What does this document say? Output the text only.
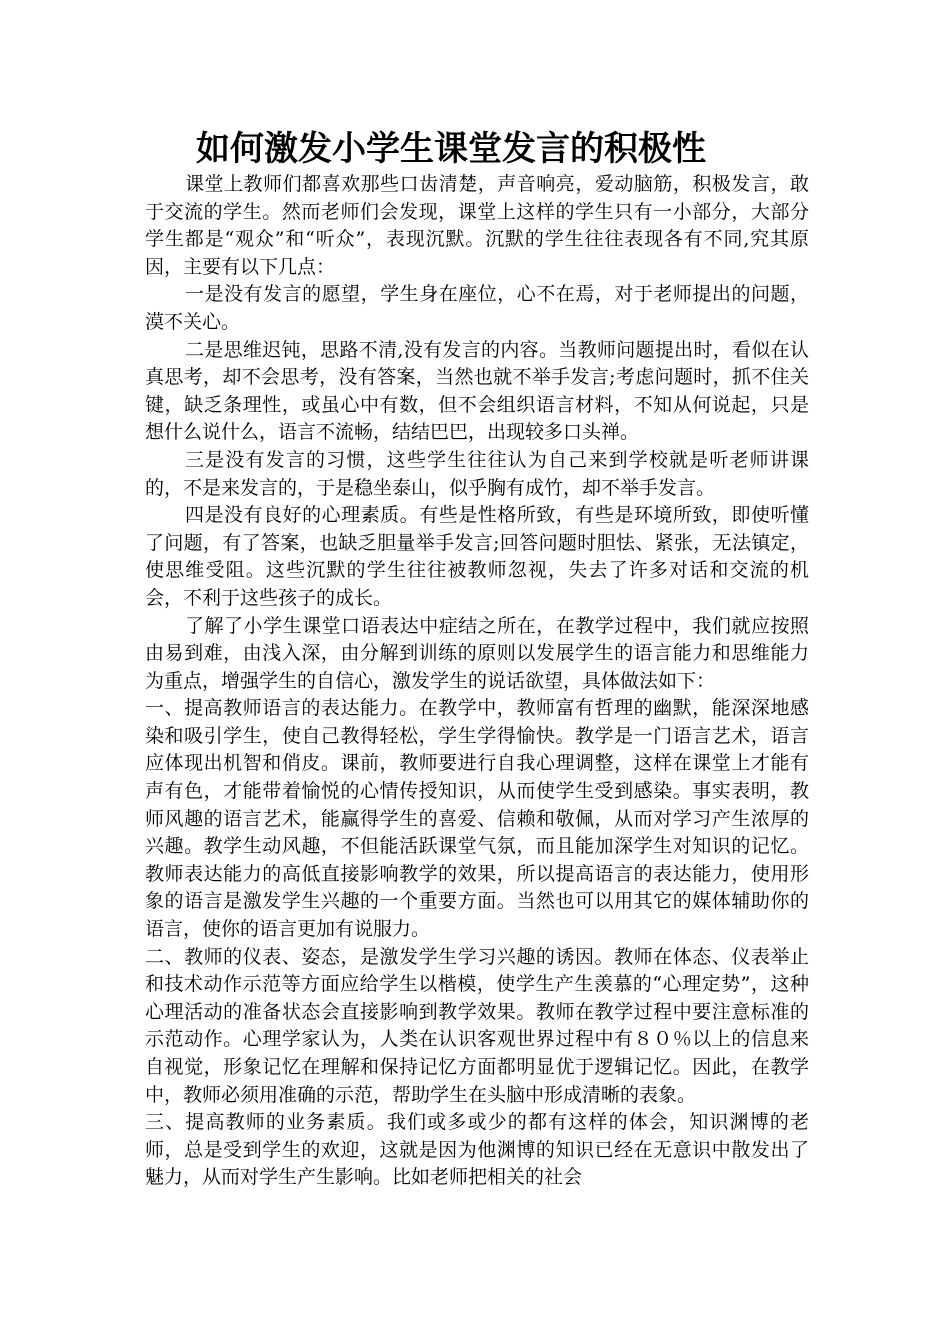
如何激发小学生课堂发言的积极性

课堂上教师们都喜欢那些口齿清楚，声音响亮，爱动脑筋，积极发言，敢于交流的学生。然而老师们会发现，课堂上这样的学生只有一小部分，大部分学生都是“观众”和“听众”，表现沉默。沉默的学生往往表现各有不同,究其原因，主要有以下几点：

一是没有发言的愿望，学生身在座位，心不在焉，对于老师提出的问题，漠不关心。

二是思维迟钝，思路不清,没有发言的内容。当教师问题提出时，看似在认真思考，却不会思考，没有答案，当然也就不举手发言;考虑问题时，抓不住关键，缺乏条理性，或虽心中有数，但不会组织语言材料，不知从何说起，只是想什么说什么，语言不流畅，结结巴巴，出现较多口头禅。

三是没有发言的习惯，这些学生往往认为自己来到学校就是听老师讲课的，不是来发言的，于是稳坐泰山，似乎胸有成竹，却不举手发言。

四是没有良好的心理素质。有些是性格所致，有些是环境所致，即使听懂了问题，有了答案，也缺乏胆量举手发言;回答问题时胆怯、紧张，无法镇定，使思维受阻。这些沉默的学生往往被教师忽视，失去了许多对话和交流的机会，不利于这些孩子的成长。

了解了小学生课堂口语表达中症结之所在，在教学过程中，我们就应按照由易到难，由浅入深，由分解到训练的原则以发展学生的语言能力和思维能力为重点，增强学生的自信心，激发学生的说话欲望，具体做法如下：

一、提高教师语言的表达能力。在教学中，教师富有哲理的幽默，能深深地感染和吸引学生，使自己教得轻松，学生学得愉快。教学是一门语言艺术，语言应体现出机智和俏皮。课前，教师要进行自我心理调整，这样在课堂上才能有声有色，才能带着愉悦的心情传授知识，从而使学生受到感染。事实表明，教师风趣的语言艺术，能赢得学生的喜爱、信赖和敬佩，从而对学习产生浓厚的兴趣。教学生动风趣，不但能活跃课堂气氛，而且能加深学生对知识的记忆。教师表达能力的高低直接影响教学的效果，所以提高语言的表达能力，使用形象的语言是激发学生兴趣的一个重要方面。当然也可以用其它的媒体辅助你的语言，使你的语言更加有说服力。

二、教师的仪表、姿态，是激发学生学习兴趣的诱因。教师在体态、仪表举止和技术动作示范等方面应给学生以楷模，使学生产生羡慕的“心理定势”，这种心理活动的准备状态会直接影响到教学效果。教师在教学过程中要注意标准的示范动作。心理学家认为，人类在认识客观世界过程中有８０％以上的信息来自视觉，形象记忆在理解和保持记忆方面都明显优于逻辑记忆。因此，在教学中，教师必须用准确的示范，帮助学生在头脑中形成清晰的表象。

三、提高教师的业务素质。我们或多或少的都有这样的体会，知识渊博的老师，总是受到学生的欢迎，这就是因为他渊博的知识已经在无意识中散发出了魅力，从而对学生产生影响。比如老师把相关的社会
